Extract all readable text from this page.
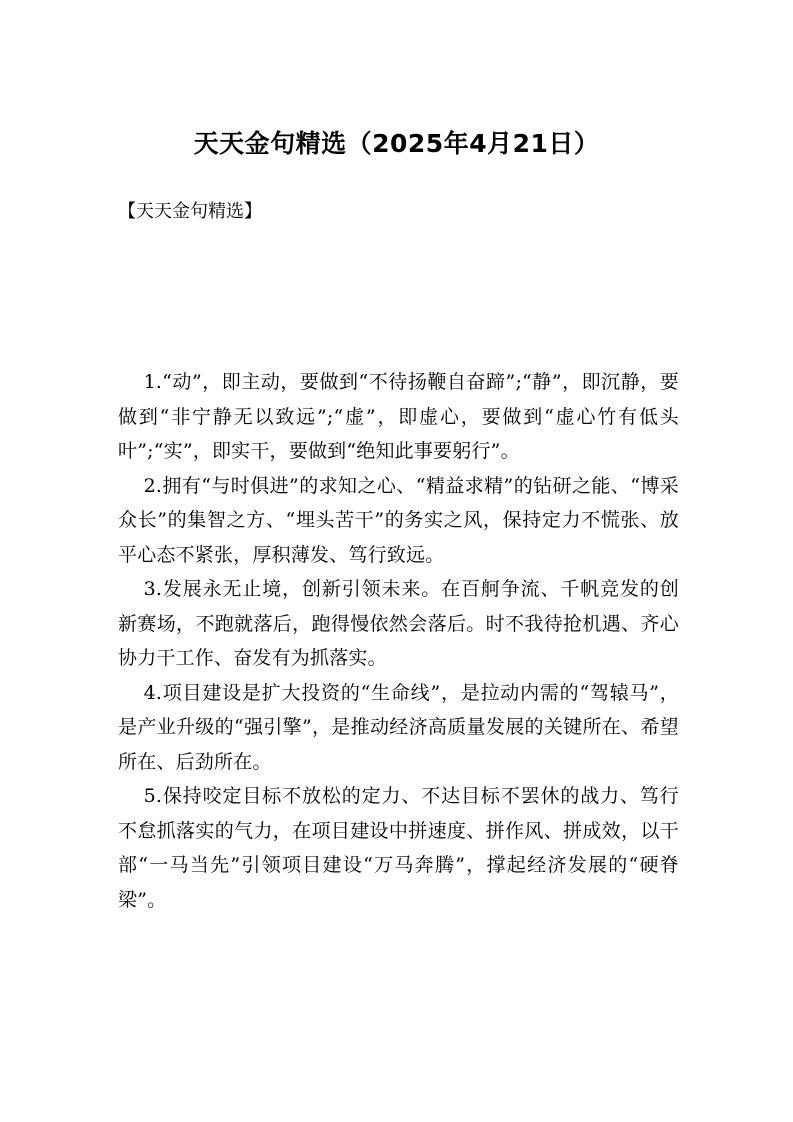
天天金句精选（2025年4月21日）
【天天金句精选】

1.“动”，即主动，要做到“不待扬鞭自奋蹄”;“静”，即沉静，要做到“非宁静无以致远”;“虚”，即虚心，要做到“虚心竹有低头叶”;“实”，即实干，要做到“绝知此事要躬行”。

2.拥有“与时俱进”的求知之心、“精益求精”的钻研之能、“博采众长”的集智之方、“埋头苦干”的务实之风，保持定力不慌张、放平心态不紧张，厚积薄发、笃行致远。

3.发展永无止境，创新引领未来。在百舸争流、千帆竞发的创新赛场，不跑就落后，跑得慢依然会落后。时不我待抢机遇、齐心协力干工作、奋发有为抓落实。

4.项目建设是扩大投资的“生命线”，是拉动内需的“驾辕马”，是产业升级的“强引擎”，是推动经济高质量发展的关键所在、希望所在、后劲所在。

5.保持咬定目标不放松的定力、不达目标不罢休的战力、笃行不怠抓落实的气力，在项目建设中拼速度、拼作风、拼成效，以干部“一马当先”引领项目建设“万马奔腾”，撑起经济发展的“硬脊梁”。
